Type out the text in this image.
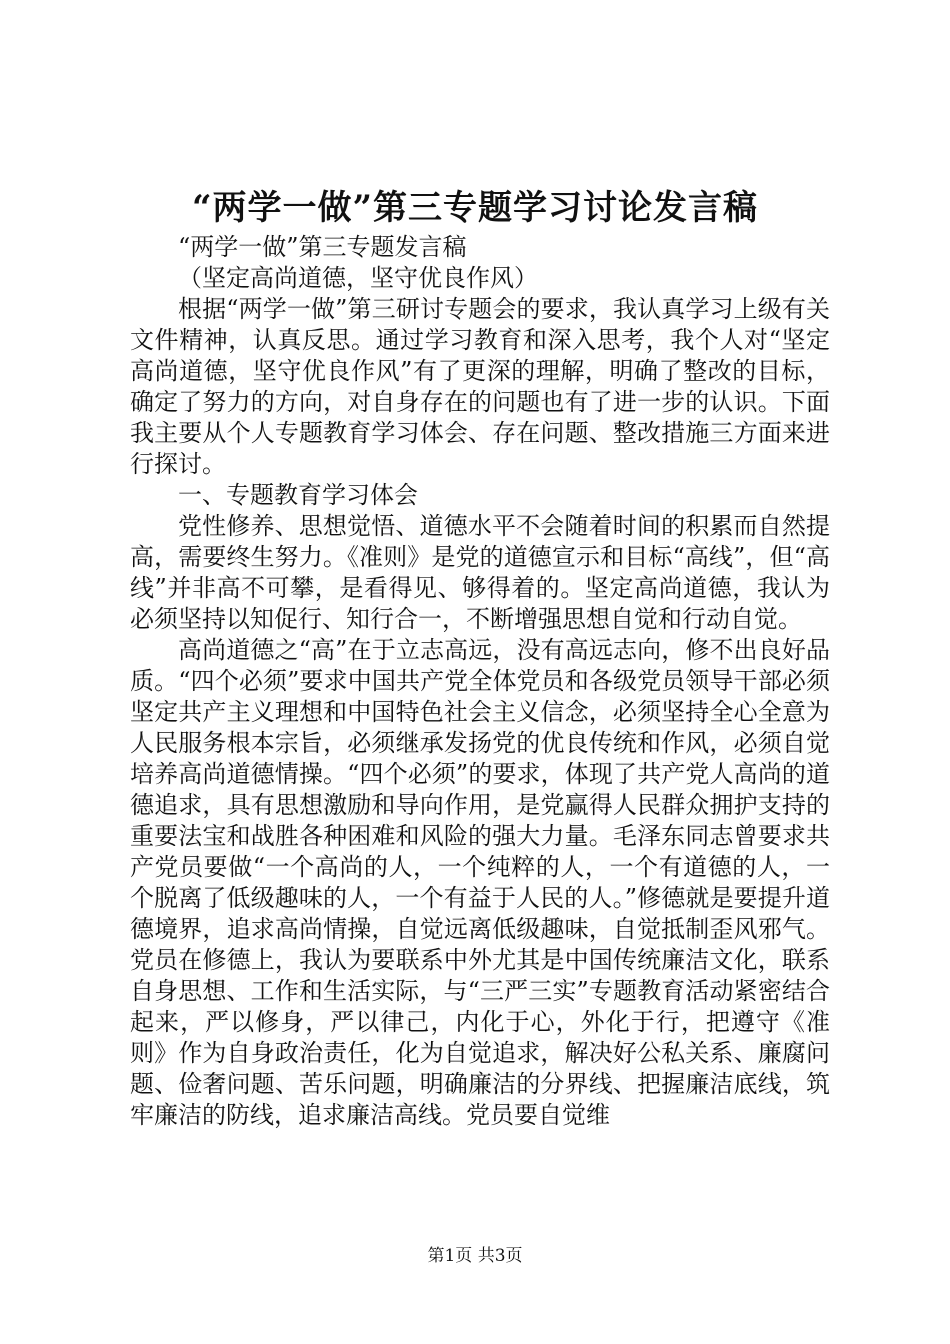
“两学一做”第三专题学习讨论发言稿

“两学一做”第三专题发言稿

（坚定高尚道德，坚守优良作风）

根据“两学一做”第三研讨专题会的要求，我认真学习上级有关文件精神，认真反思。通过学习教育和深入思考，我个人对“坚定高尚道德，坚守优良作风”有了更深的理解，明确了整改的目标，确定了努力的方向，对自身存在的问题也有了进一步的认识。下面我主要从个人专题教育学习体会、存在问题、整改措施三方面来进行探讨。

一、专题教育学习体会

党性修养、思想觉悟、道德水平不会随着时间的积累而自然提高，需要终生努力。《准则》是党的道德宣示和目标“高线”，但“高线”并非高不可攀，是看得见、够得着的。坚定高尚道德，我认为必须坚持以知促行、知行合一，不断增强思想自觉和行动自觉。

高尚道德之“高”在于立志高远，没有高远志向，修不出良好品质。“四个必须”要求中国共产党全体党员和各级党员领导干部必须坚定共产主义理想和中国特色社会主义信念，必须坚持全心全意为人民服务根本宗旨，必须继承发扬党的优良传统和作风，必须自觉培养高尚道德情操。“四个必须”的要求，体现了共产党人高尚的道德追求，具有思想激励和导向作用，是党赢得人民群众拥护支持的重要法宝和战胜各种困难和风险的强大力量。毛泽东同志曾要求共产党员要做“一个高尚的人，一个纯粹的人，一个有道德的人，一个脱离了低级趣味的人，一个有益于人民的人。”修德就是要提升道德境界，追求高尚情操，自觉远离低级趣味，自觉抵制歪风邪气。党员在修德上，我认为要联系中外尤其是中国传统廉洁文化，联系自身思想、工作和生活实际，与“三严三实”专题教育活动紧密结合起来，严以修身，严以律己，内化于心，外化于行，把遵守《准则》作为自身政治责任，化为自觉追求，解决好公私关系、廉腐问题、俭奢问题、苦乐问题，明确廉洁的分界线、把握廉洁底线，筑牢廉洁的防线，追求廉洁高线。党员要自觉维

第1页 共3页
